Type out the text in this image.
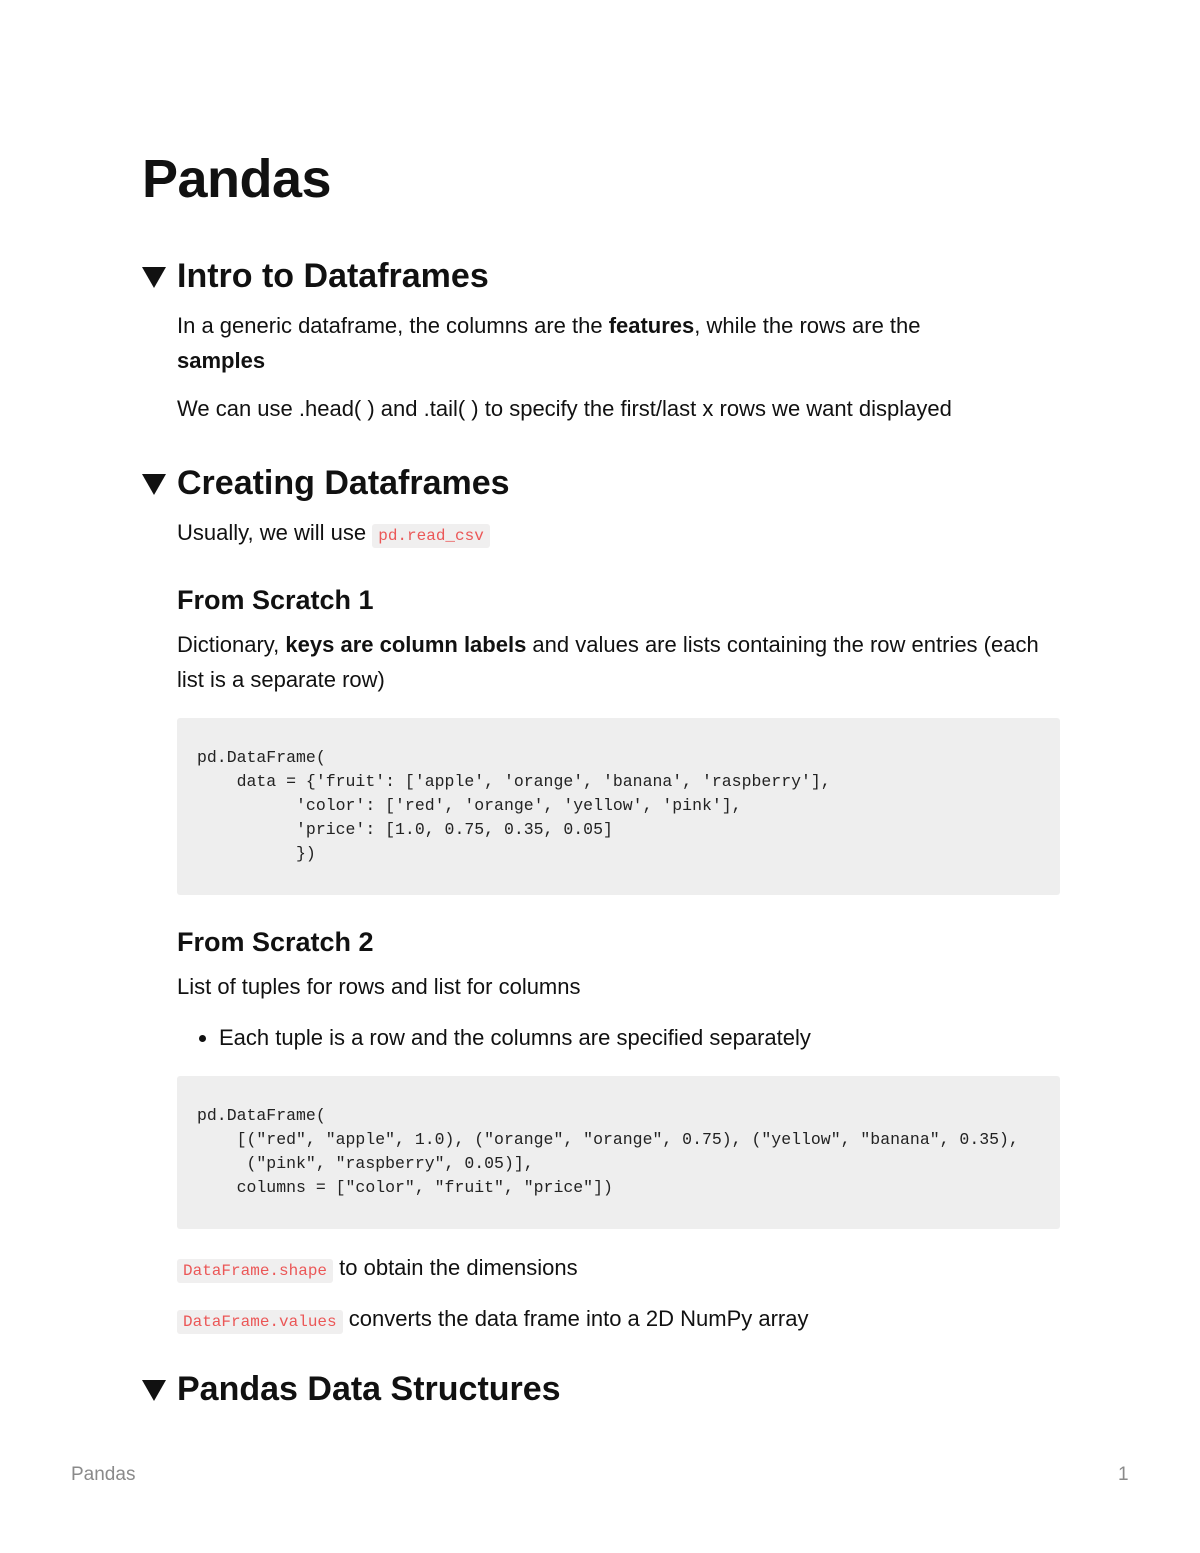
Pandas
Intro to Dataframes

In a generic dataframe, the columns are the features, while the rows are the
samples

We can use .head( ) and .tail( ) to specify the first/last x rows we want displayed

Creating Dataframes

Usually, we will use pd.read_csv

From Scratch 1

Dictionary, keys are column labels and values are lists containing the row entries (each list is a separate row)

pd.DataFrame(
data = {'fruit': ['apple', 'orange', 'banana', 'raspberry'],
'color': ['red', 'orange', 'yellow', 'pink'],
'price': [1.0, 0.75, 0.35, 0.05]
})
From Scratch 2

List of tuples for rows and list for columns

• Each tuple is a row and the columns are specified separately
pd.DataFrame(
[("red", "apple", 1.0), ("orange", "orange", 0.75), ("yellow", "banana", 0.35),
("pink", "raspberry", 0.05)],
columns = ["color", "fruit", "price"])

DataFrame.shape to obtain the dimensions

DataFrame.values converts the data frame into a 2D NumPy array

Pandas Data Structures
Pandas	1
